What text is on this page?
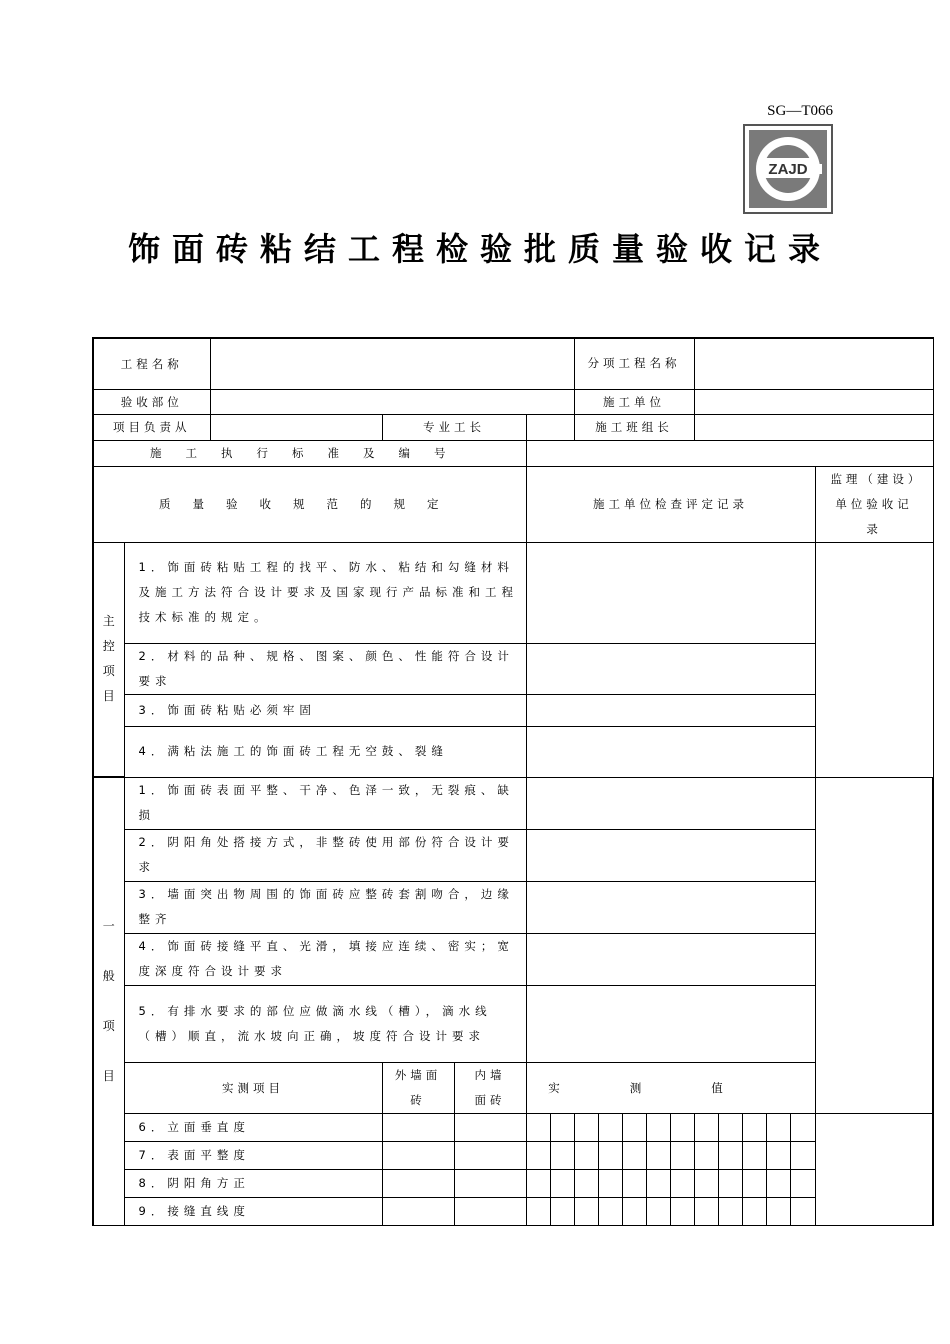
SG—T066
ZAJD
饰面砖粘结工程检验批质量验收记录
工程名称							分项工程名称										
验收部位							施工单位										
项目负责从			专业工长				施工班组长										
施工执行标准及编号																	
质量验收规范的规定					施工单位检查评定记录												监理（建设）单位验收记录
主控项目	1．饰面砖粘贴工程的找平、防水、粘结和勾缝材料及施工方法符合设计要求及国家现行产品标准和工程技术标准的规定。																
	2．材料的品种、规格、图案、颜色、性能符合设计要求																
	3．饰面砖粘贴必须牢固																
	4．满粘法施工的饰面砖工程无空鼓、裂缝																
一般项目	1．饰面砖表面平整、干净、色泽一致，无裂痕、缺损																
	2．阴阳角处搭接方式，非整砖使用部份符合设计要求																
	3．墙面突出物周围的饰面砖应整砖套割吻合，边缘整齐																
	4．饰面砖接缝平直、光滑，填接应连续、密实；宽度深度符合设计要求																
	5．有排水要求的部位应做滴水线（槽），滴水线（槽）顺直，流水坡向正确，坡度符合设计要求																
	实测项目		外墙面砖	内墙面砖	实测值												
	6．立面垂直度																
	7．表面平整度																
	8．阴阳角方正																
	9．接缝直线度																
